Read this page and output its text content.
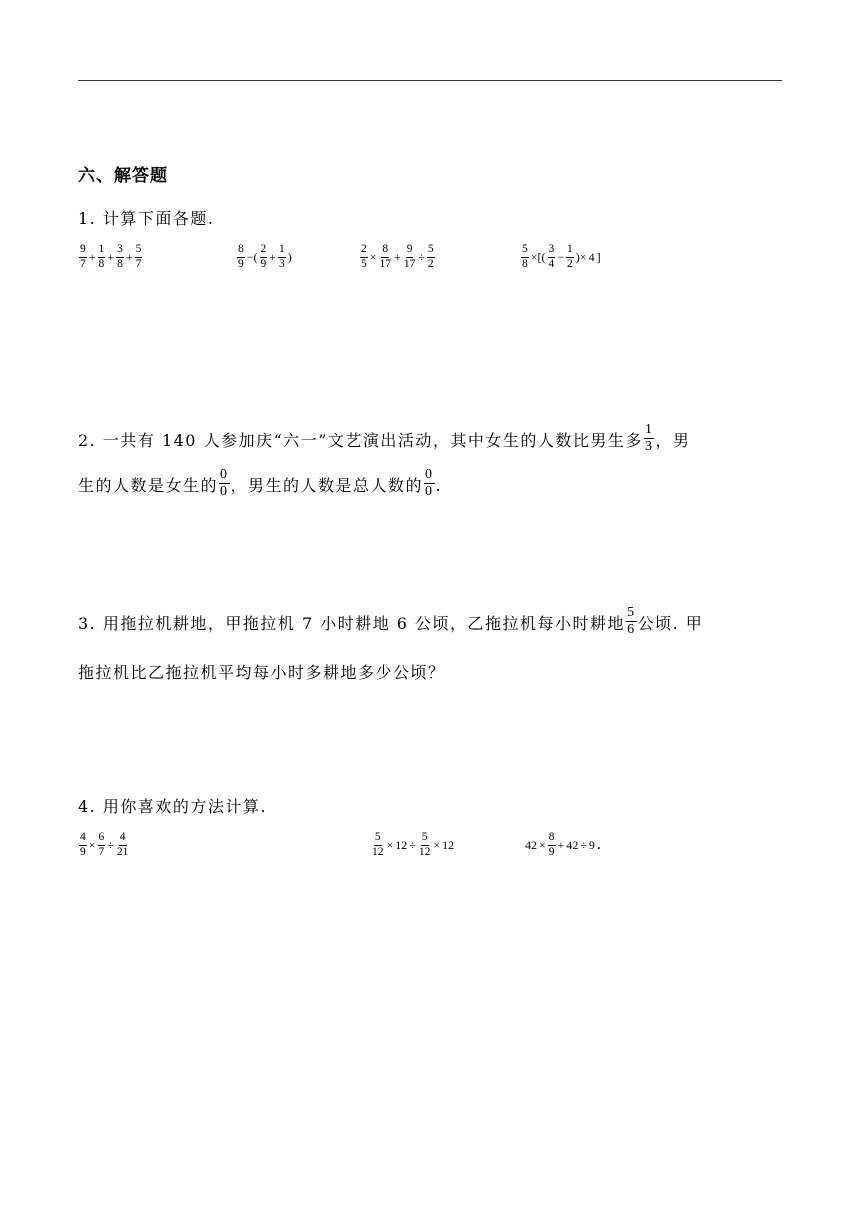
六、解答题
1. 计算下面各题.
$\frac{9}{7} + \frac{1}{8} + \frac{3}{8} + \frac{5}{7}$	$\frac{8}{9}$ −( $\frac{2}{9} + \frac{1}{3}$ )	$\frac{2}{5} \times \frac{8}{17} + \frac{9}{17} \div \frac{5}{2}$	$\frac{5}{8}$ ×[( $\frac{3}{4} - \frac{1}{2}$ )× 4 ]
2. 一共有 140 人参加庆“六一”文艺演出活动，其中女生的人数比男生多 $\frac{1}{3}$ ，男
生的人数是女生的 $\frac{0}{0}$ ，男生的人数是总人数的 $\frac{0}{0}$ .
3. 用拖拉机耕地，甲拖拉机 7 小时耕地 6 公顷，乙拖拉机每小时耕地 $\frac{5}{6}$ 公顷. 甲
拖拉机比乙拖拉机平均每小时多耕地多少公顷？
4. 用你喜欢的方法计算.
$\frac{4}{9} \times \frac{6}{7} \div \frac{4}{21}$	$\frac{5}{12} \times 12 \div \frac{5}{12} \times 12$	$42 \times \frac{8}{9} + 42 \div 9$ .
